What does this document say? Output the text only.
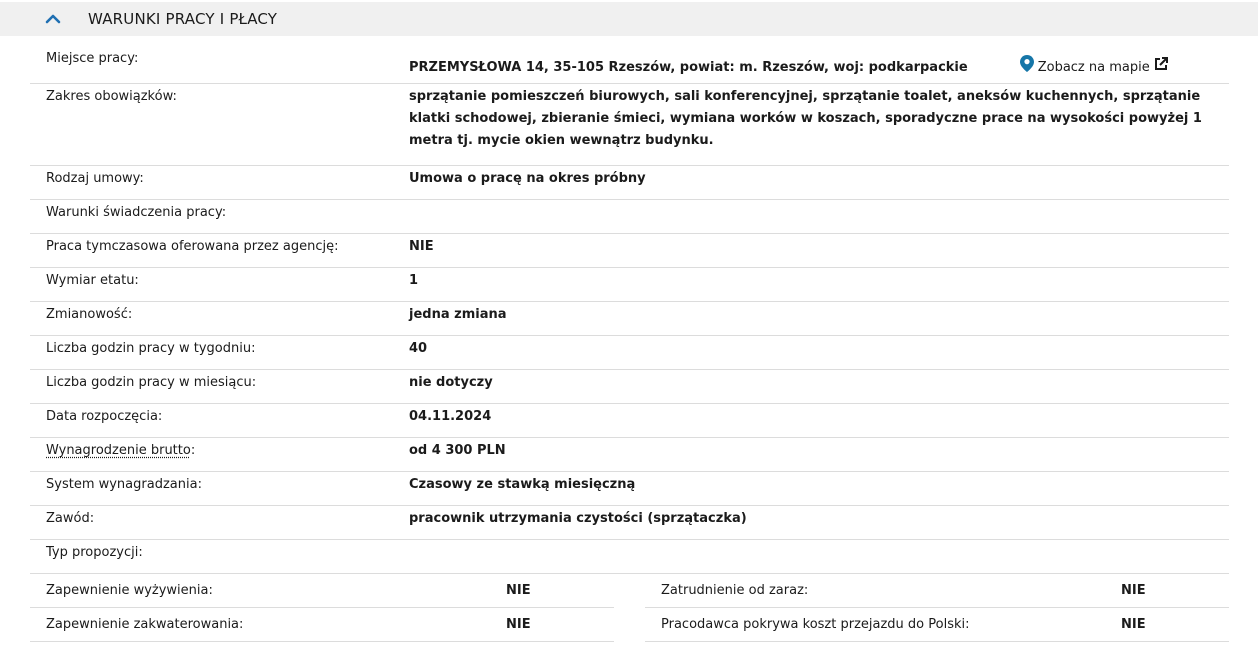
WARUNKI PRACY I PŁACY
Miejsce pracy:
PRZEMYSŁOWA 14, 35-105 Rzeszów, powiat: m. Rzeszów, woj: podkarpackie	Zobacz na mapie
Zakres obowiązków:	sprzątanie pomieszczeń biurowych, sali konferencyjnej, sprzątanie toalet, aneksów kuchennych, sprzątanie klatki schodowej, zbieranie śmieci, wymiana worków w koszach, sporadyczne prace na wysokości powyżej 1 metra tj. mycie okien wewnątrz budynku.
Rodzaj umowy:	Umowa o pracę na okres próbny
Warunki świadczenia pracy:
Praca tymczasowa oferowana przez agencję:	NIE
Wymiar etatu:	1
Zmianowość:	jedna zmiana
Liczba godzin pracy w tygodniu:	40
Liczba godzin pracy w miesiącu:	nie dotyczy
Data rozpoczęcia:	04.11.2024
Wynagrodzenie brutto:	od 4 300 PLN
System wynagradzania:	Czasowy ze stawką miesięczną
Zawód:	pracownik utrzymania czystości (sprzątaczka)
Typ propozycji:
Zapewnienie wyżywienia:	NIE
Zapewnienie zakwaterowania:	NIE
Zatrudnienie od zaraz:	NIE
Pracodawca pokrywa koszt przejazdu do Polski:	NIE
